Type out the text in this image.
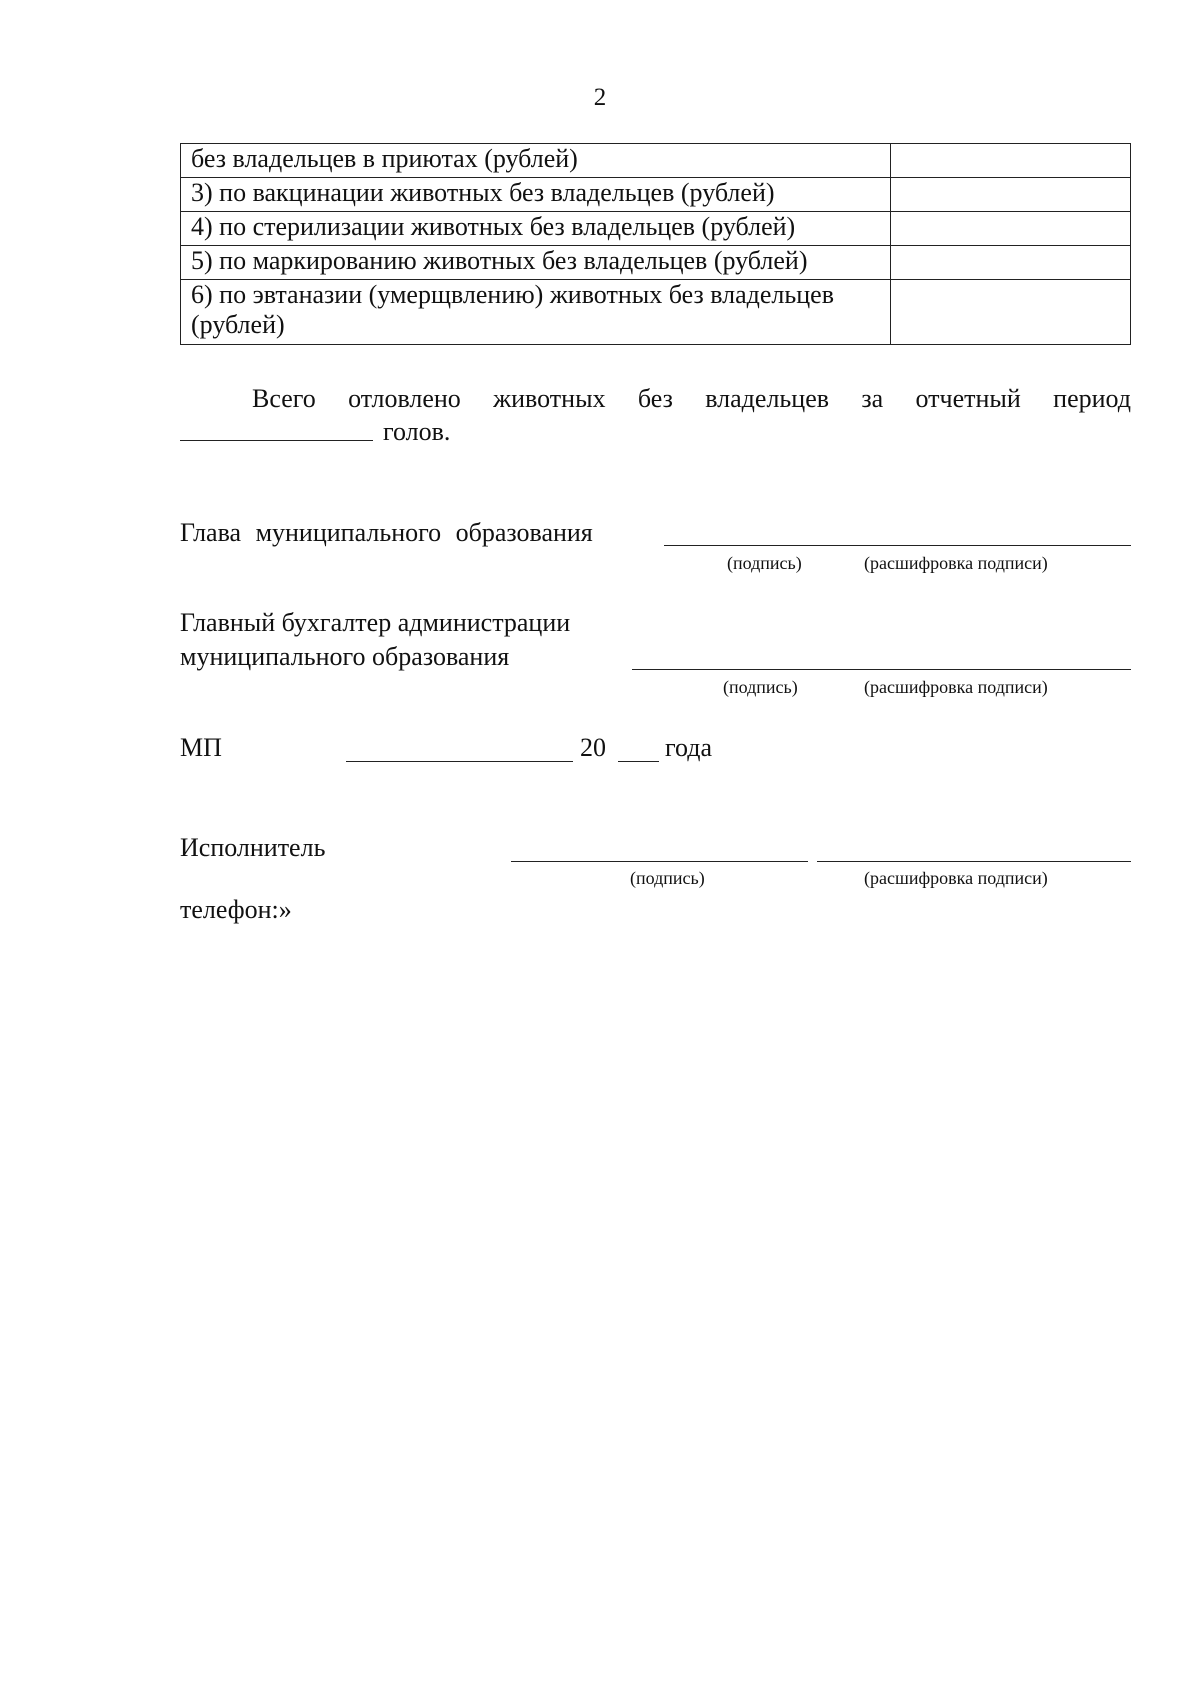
2
без владельцев в приютах (рублей)	
3) по вакцинации животных без владельцев (рублей)	
4) по стерилизации животных без владельцев (рублей)	
5) по маркированию животных без владельцев (рублей)	
6) по эвтаназии (умерщвлению) животных без владельцев (рублей)	
Всего отловлено животных без владельцев за отчетный период
голов.
Глава муниципального образования
(подпись)	(расшифровка подписи)
Главный бухгалтер администрации
муниципального образования
(подпись)	(расшифровка подписи)
МП	20 года
Исполнитель
(подпись)	(расшифровка подписи)
телефон:»
